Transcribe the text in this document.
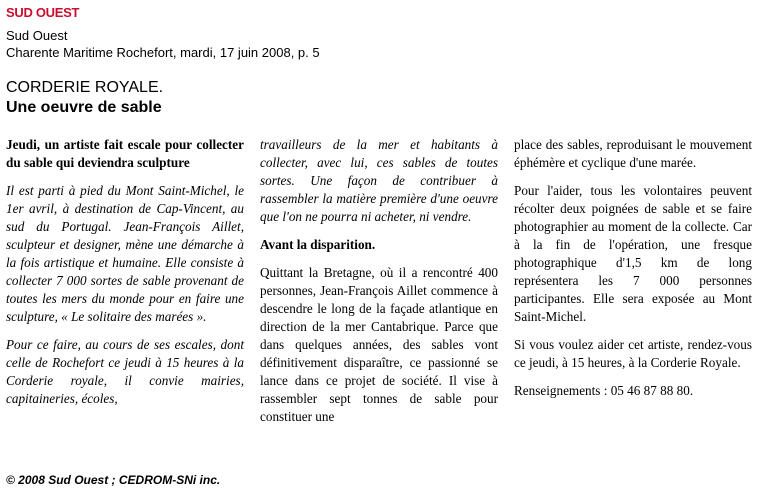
SUD OUEST
Sud Ouest
Charente Maritime Rochefort, mardi, 17 juin 2008, p. 5
CORDERIE ROYALE.
Une oeuvre de sable

Jeudi, un artiste fait escale pour collecter du sable qui deviendra sculpture

Il est parti à pied du Mont Saint-Michel, le 1er avril, à destination de Cap-Vincent, au sud du Portugal. Jean-François Aillet, sculpteur et designer, mène une démarche à la fois artistique et humaine. Elle consiste à collecter 7 000 sortes de sable provenant de toutes les mers du monde pour en faire une sculpture, « Le solitaire des marées ».

Pour ce faire, au cours de ses escales, dont celle de Rochefort ce jeudi à 15 heures à la Corderie royale, il convie mairies, capitaineries, écoles,

travailleurs de la mer et habitants à collecter, avec lui, ces sables de toutes sortes. Une façon de contribuer à rassembler la matière première d'une oeuvre que l'on ne pourra ni acheter, ni vendre.

Avant la disparition.

Quittant la Bretagne, où il a rencontré 400 personnes, Jean-François Aillet commence à descendre le long de la façade atlantique en direction de la mer Cantabrique. Parce que dans quelques années, des sables vont définitivement disparaître, ce passionné se lance dans ce projet de société. Il vise à rassembler sept tonnes de sable pour constituer une

place des sables, reproduisant le mouvement éphémère et cyclique d'une marée.

Pour l'aider, tous les volontaires peuvent récolter deux poignées de sable et se faire photographier au moment de la collecte. Car à la fin de l'opération, une fresque photographique d'1,5 km de long représentera les 7 000 personnes participantes. Elle sera exposée au Mont Saint-Michel.

Si vous voulez aider cet artiste, rendez-vous ce jeudi, à 15 heures, à la Corderie Royale.

Renseignements : 05 46 87 88 80.

© 2008 Sud Ouest ; CEDROM-SNi inc.
